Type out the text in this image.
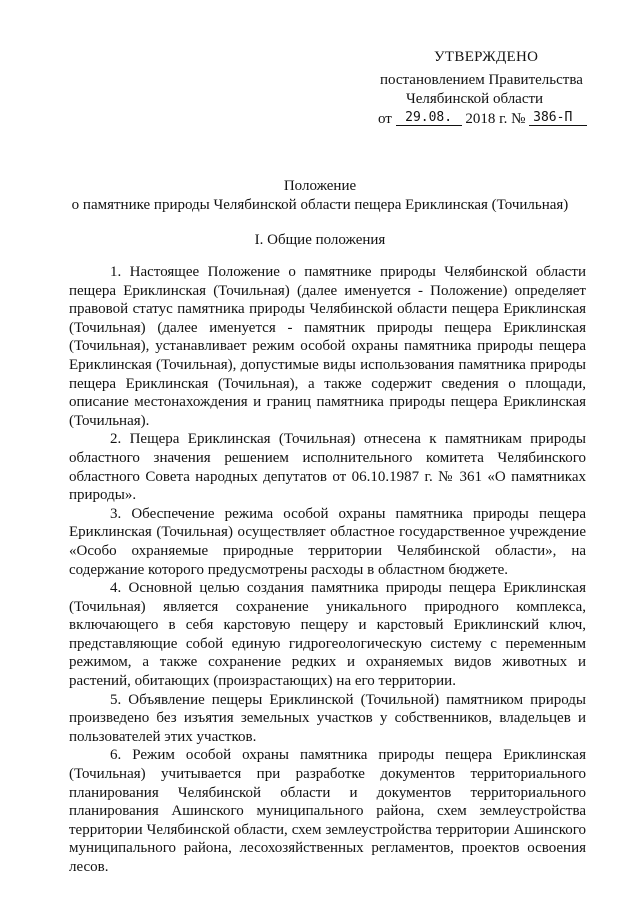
УТВЕРЖДЕНО
постановлением Правительства
Челябинской области
от 29.08. 2018 г. № 386-П
Положение
о памятнике природы Челябинской области пещера Ериклинская (Точильная)
I. Общие положения

1. Настоящее Положение о памятнике природы Челябинской области пещера Ериклинская (Точильная) (далее именуется - Положение) определяет правовой статус памятника природы Челябинской области пещера Ериклинская (Точильная) (далее именуется - памятник природы пещера Ериклинская (Точильная), устанавливает режим особой охраны памятника природы пещера Ериклинская (Точильная), допустимые виды использования памятника природы пещера Ериклинская (Точильная), а также содержит сведения о площади, описание местонахождения и границ памятника природы пещера Ериклинская (Точильная).

2. Пещера Ериклинская (Точильная) отнесена к памятникам природы областного значения решением исполнительного комитета Челябинского областного Совета народных депутатов от 06.10.1987 г. № 361 «О памятниках природы».

3. Обеспечение режима особой охраны памятника природы пещера Ериклинская (Точильная) осуществляет областное государственное учреждение «Особо охраняемые природные территории Челябинской области», на содержание которого предусмотрены расходы в областном бюджете.

4. Основной целью создания памятника природы пещера Ериклинская (Точильная) является сохранение уникального природного комплекса, включающего в себя карстовую пещеру и карстовый Ериклинский ключ, представляющие собой единую гидрогеологическую систему с переменным режимом, а также сохранение редких и охраняемых видов животных и растений, обитающих (произрастающих) на его территории.

5. Объявление пещеры Ериклинской (Точильной) памятником природы произведено без изъятия земельных участков у собственников, владельцев и пользователей этих участков.

6. Режим особой охраны памятника природы пещера Ериклинская (Точильная) учитывается при разработке документов территориального планирования Челябинской области и документов территориального планирования Ашинского муниципального района, схем землеустройства территории Челябинской области, схем землеустройства территории Ашинского муниципального района, лесохозяйственных регламентов, проектов освоения лесов.
